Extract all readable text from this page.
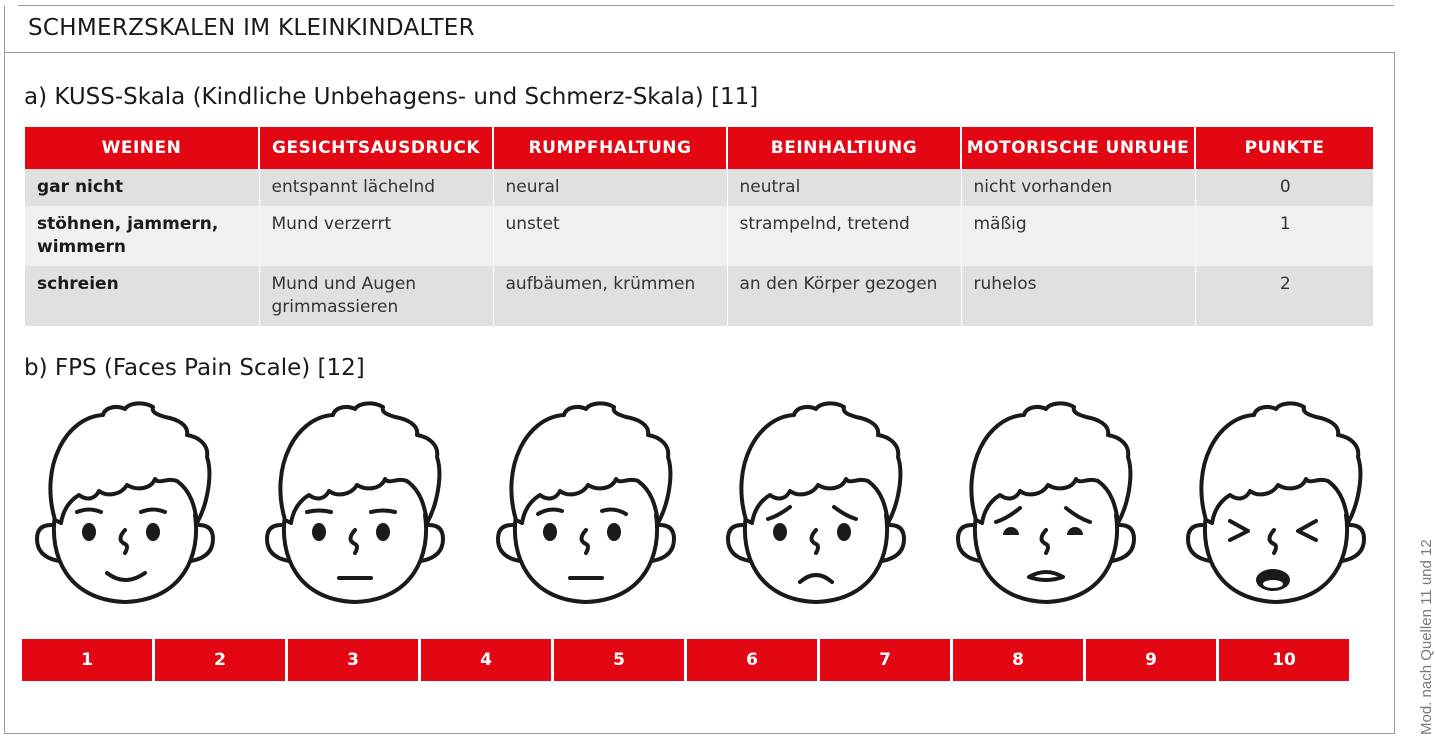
SCHMERZSKALEN IM KLEINKINDALTER
a) KUSS-Skala (Kindliche Unbehagens- und Schmerz-Skala) [11]
WEINEN	GESICHTSAUSDRUCK	RUMPFHALTUNG	BEINHALTIUNG	MOTORISCHE UNRUHE	PUNKTE
gar nicht	entspannt lächelnd	neural	neutral	nicht vorhanden	0
stöhnen, jammern, wimmern	Mund verzerrt	unstet	strampelnd, tretend	mäßig	1
schreien	Mund und Augen grimmassieren	aufbäumen, krümmen	an den Körper gezogen	ruhelos	2
b) FPS (Faces Pain Scale) [12]
1	2	3	4	5	6	7	8	9	10	Mod. nach Quellen 11 und 12
